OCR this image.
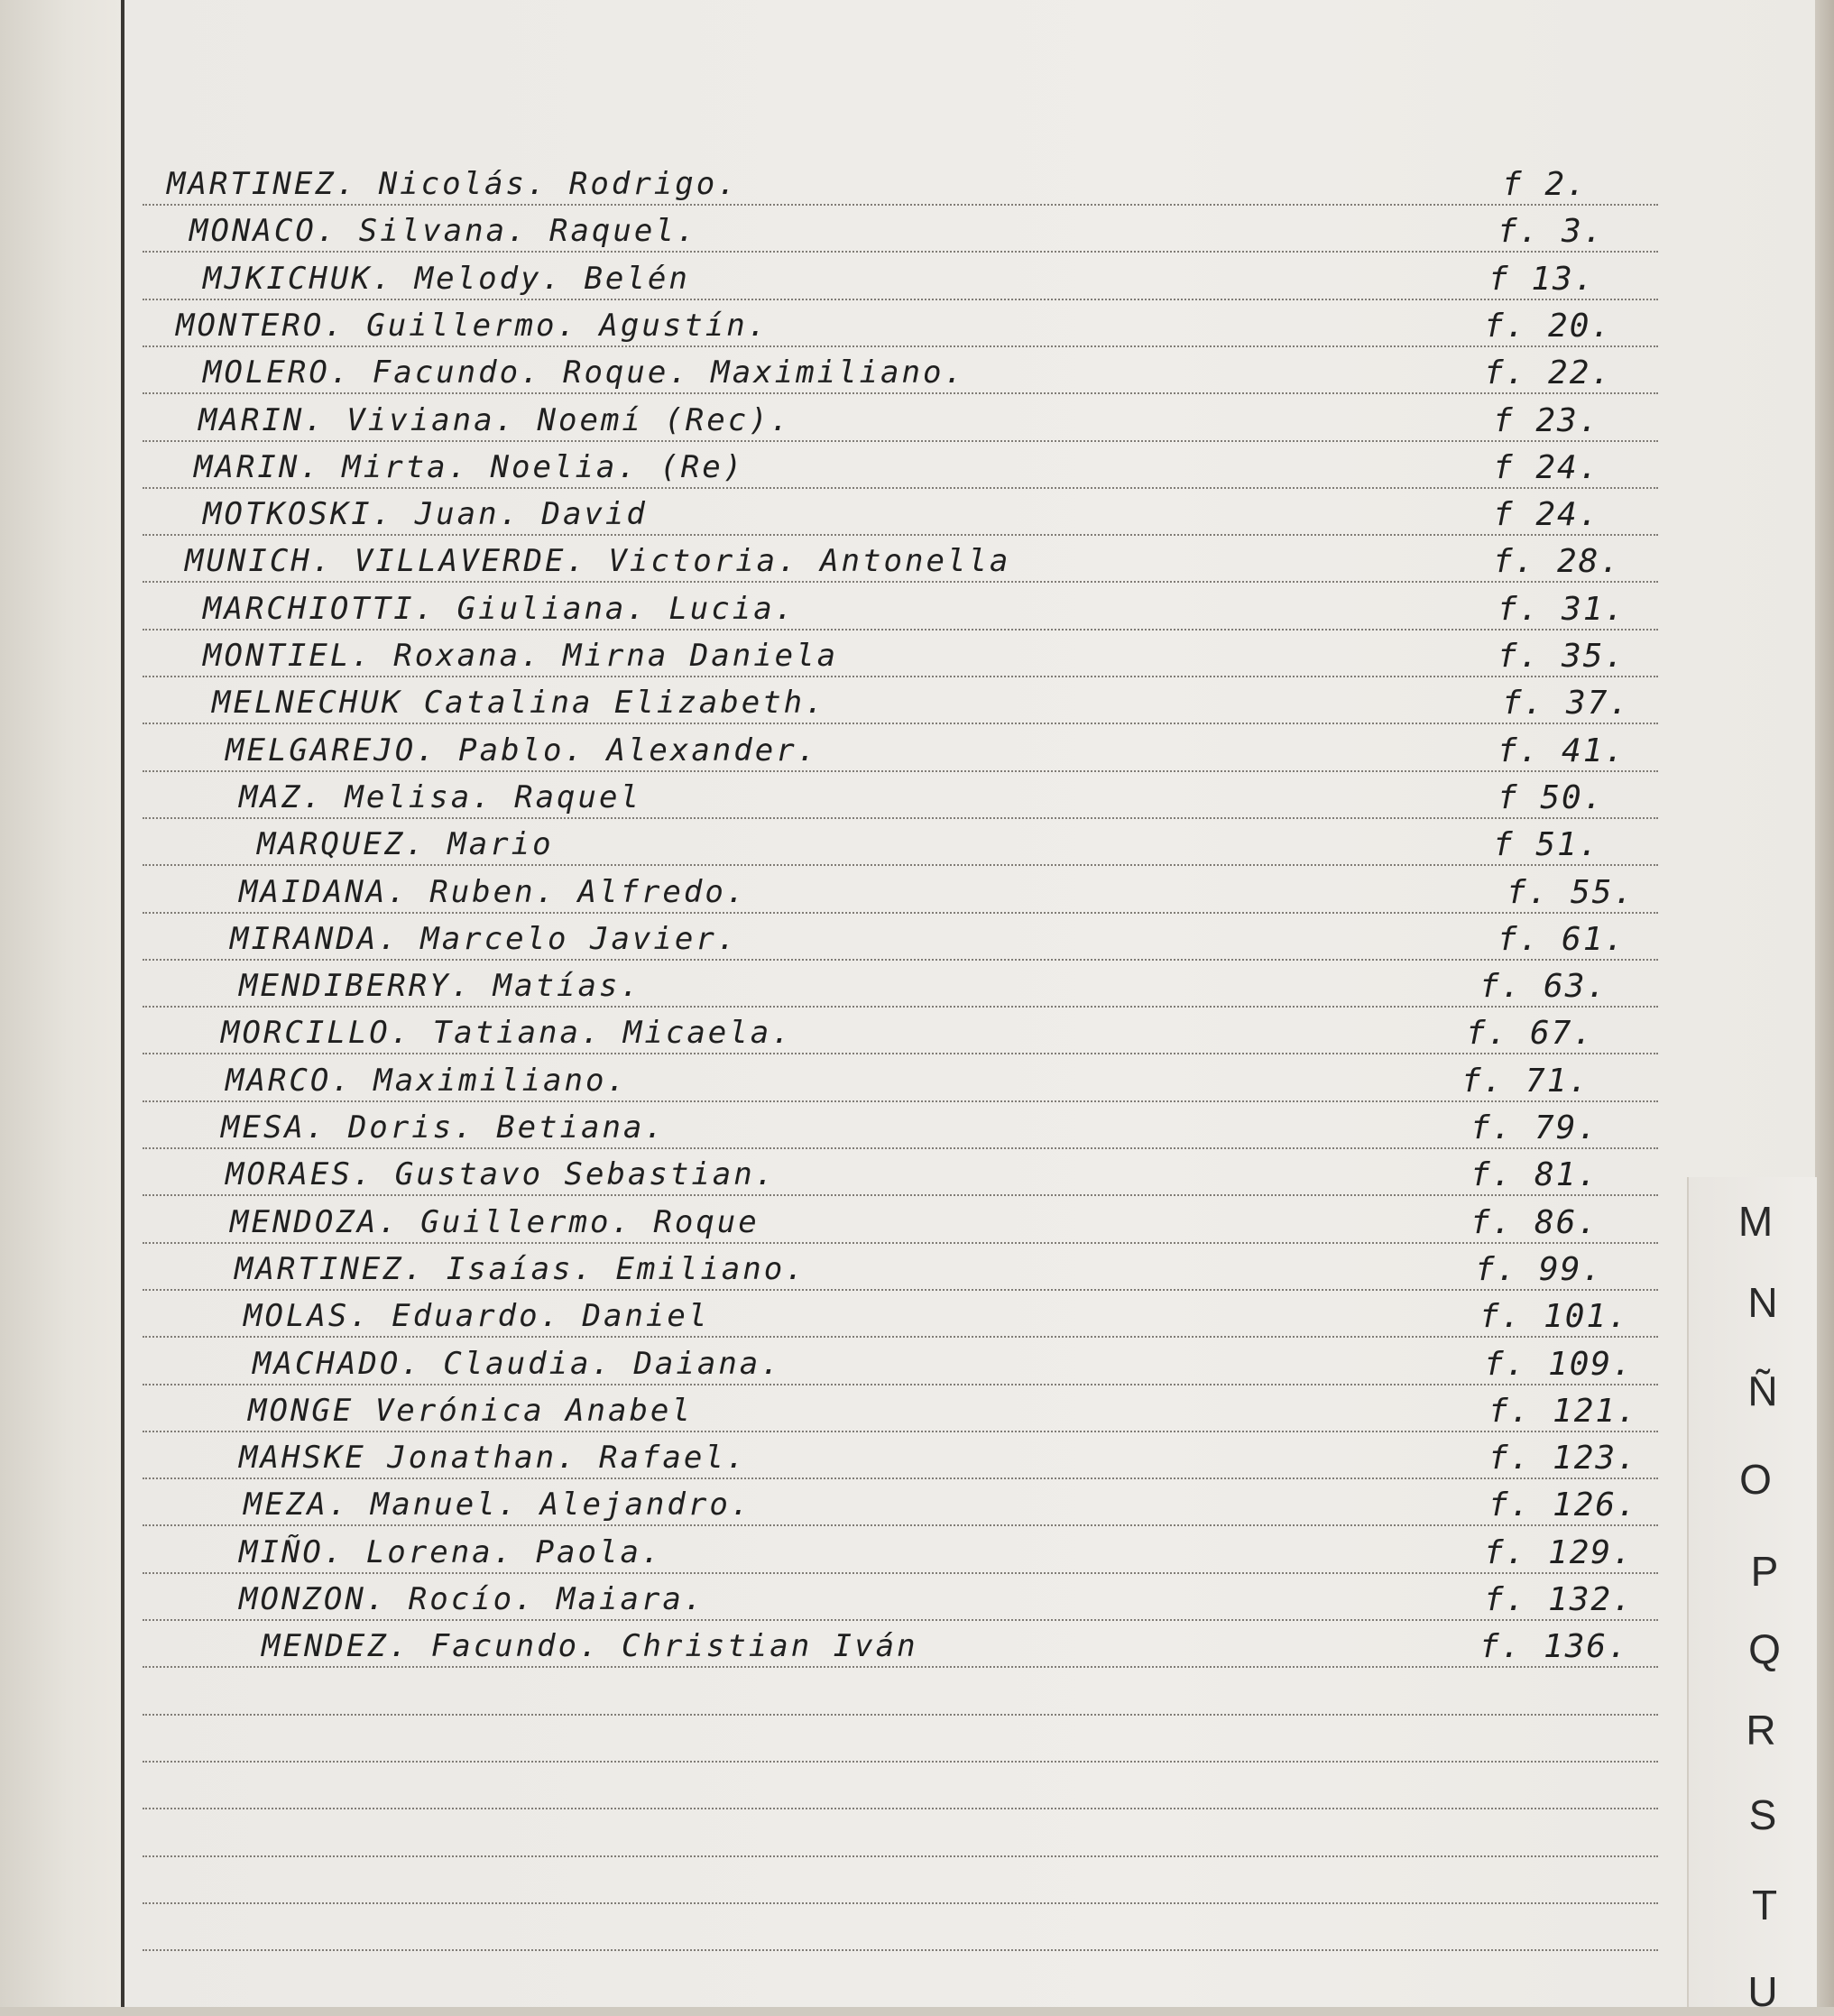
MARTINEZ. Nicolás. Rodrigo.	f 2.
MONACO. Silvana. Raquel.	f. 3.
MJKICHUK. Melody. Belén	f 13.
MONTERO. Guillermo. Agustín.	f. 20.
MOLERO. Facundo. Roque. Maximiliano.	f. 22.
MARIN. Viviana. Noemí (Rec).	f 23.
MARIN. Mirta. Noelia. (Re)	f 24.
MOTKOSKI. Juan. David	f 24.
MUNICH. VILLAVERDE. Victoria. Antonella	f. 28.
MARCHIOTTI. Giuliana. Lucia.	f. 31.
MONTIEL. Roxana. Mirna Daniela	f. 35.
MELNECHUK Catalina Elizabeth.	f. 37.
MELGAREJO. Pablo. Alexander.	f. 41.
MAZ. Melisa. Raquel	f 50.
MARQUEZ. Mario	f 51.
MAIDANA. Ruben. Alfredo.	f. 55.
MIRANDA. Marcelo Javier.	f. 61.
MENDIBERRY. Matías.	f. 63.
MORCILLO. Tatiana. Micaela.	f. 67.
MARCO. Maximiliano.	f. 71.
MESA. Doris. Betiana.	f. 79.
MORAES. Gustavo Sebastian.	f. 81.
MENDOZA. Guillermo. Roque	f. 86.
MARTINEZ. Isaías. Emiliano.	f. 99.
MOLAS. Eduardo. Daniel	f. 101.
MACHADO. Claudia. Daiana.	f. 109.
MONGE Verónica Anabel	f. 121.
MAHSKE Jonathan. Rafael.	f. 123.
MEZA. Manuel. Alejandro.	f. 126.
MIÑO. Lorena. Paola.	f. 129.
MONZON. Rocío. Maiara.	f. 132.
MENDEZ. Facundo. Christian Iván	f. 136.
M
N
Ñ
O
P
Q
R
S
T
U
